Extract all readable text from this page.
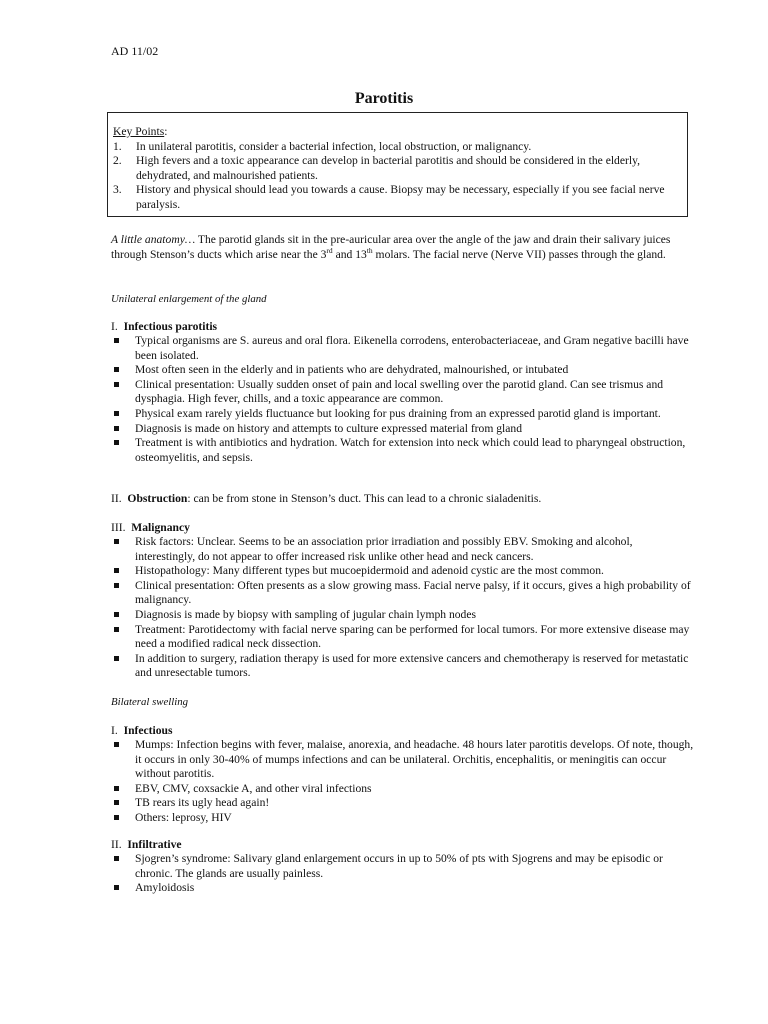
AD 11/02
Parotitis
Key Points:
1.	In unilateral parotitis, consider a bacterial infection, local obstruction, or malignancy.
2.	High fevers and a toxic appearance can develop in bacterial parotitis and should be considered in the elderly, dehydrated, and malnourished patients.
3.	History and physical should lead you towards a cause. Biopsy may be necessary, especially if you see facial nerve paralysis.
A little anatomy… The parotid glands sit in the pre-auricular area over the angle of the jaw and drain their salivary juices through Stenson’s ducts which arise near the 3rd and 13th molars. The facial nerve (Nerve VII) passes through the gland.
Unilateral enlargement of the gland
I. Infectious parotitis
Typical organisms are S. aureus and oral flora. Eikenella corrodens, enterobacteriaceae, and Gram negative bacilli have been isolated.
Most often seen in the elderly and in patients who are dehydrated, malnourished, or intubated
Clinical presentation: Usually sudden onset of pain and local swelling over the parotid gland. Can see trismus and dysphagia. High fever, chills, and a toxic appearance are common.
Physical exam rarely yields fluctuance but looking for pus draining from an expressed parotid gland is important.
Diagnosis is made on history and attempts to culture expressed material from gland
Treatment is with antibiotics and hydration. Watch for extension into neck which could lead to pharyngeal obstruction, osteomyelitis, and sepsis.
II. Obstruction: can be from stone in Stenson’s duct. This can lead to a chronic sialadenitis.
III. Malignancy
Risk factors: Unclear. Seems to be an association prior irradiation and possibly EBV. Smoking and alcohol, interestingly, do not appear to offer increased risk unlike other head and neck cancers.
Histopathology: Many different types but mucoepidermoid and adenoid cystic are the most common.
Clinical presentation: Often presents as a slow growing mass. Facial nerve palsy, if it occurs, gives a high probability of malignancy.
Diagnosis is made by biopsy with sampling of jugular chain lymph nodes
Treatment: Parotidectomy with facial nerve sparing can be performed for local tumors. For more extensive disease may need a modified radical neck dissection.
In addition to surgery, radiation therapy is used for more extensive cancers and chemotherapy is reserved for metastatic and unresectable tumors.
Bilateral swelling
I. Infectious
Mumps: Infection begins with fever, malaise, anorexia, and headache. 48 hours later parotitis develops. Of note, though, it occurs in only 30-40% of mumps infections and can be unilateral. Orchitis, encephalitis, or meningitis can occur without parotitis.
EBV, CMV, coxsackie A, and other viral infections
TB rears its ugly head again!
Others: leprosy, HIV
II. Infiltrative
Sjogren’s syndrome: Salivary gland enlargement occurs in up to 50% of pts with Sjogrens and may be episodic or chronic. The glands are usually painless.
Amyloidosis
